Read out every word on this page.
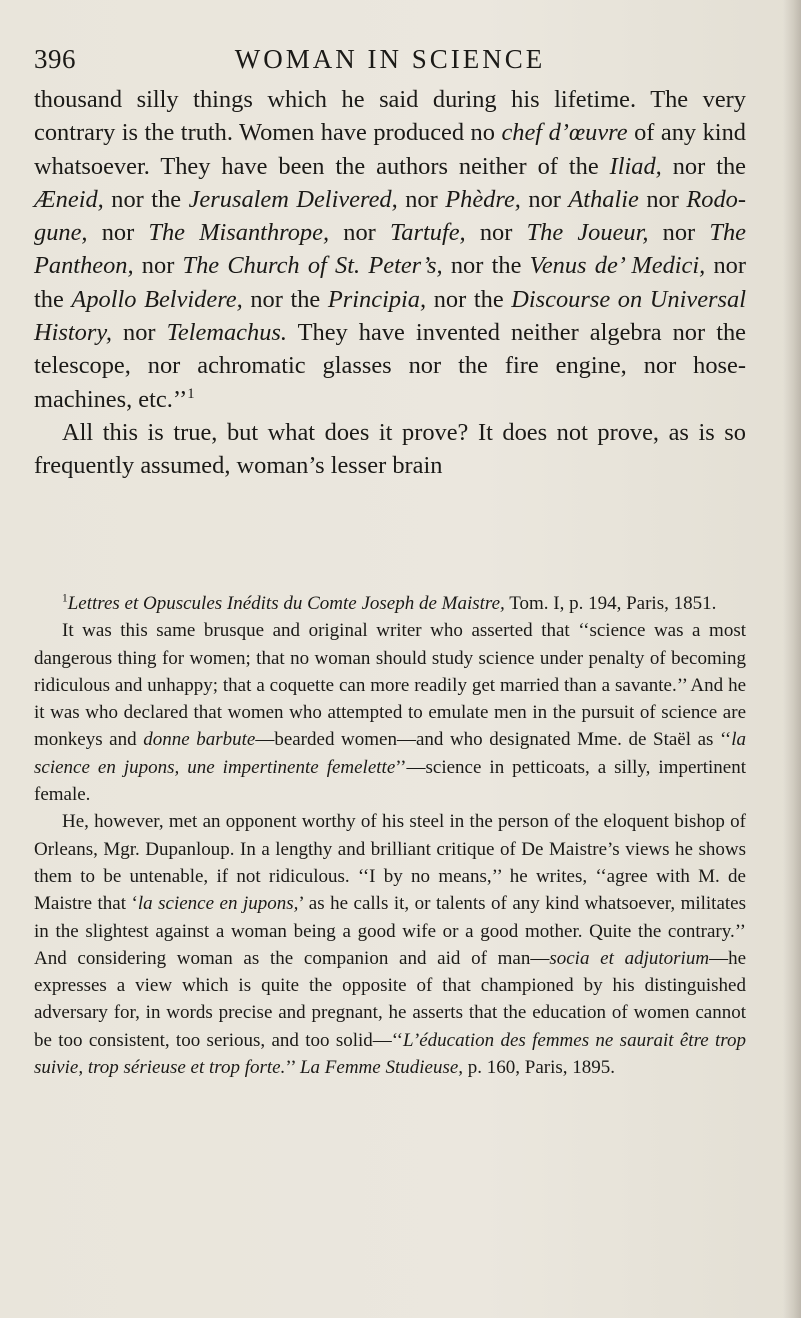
396	WOMAN IN SCIENCE

thousand silly things which he said during his lifetime. The very contrary is the truth. Women have produced no chef d’œuvre of any kind whatsoever. They have been the authors neither of the Iliad, nor the Æneid, nor the Jerusalem Delivered, nor Phèdre, nor Athalie nor Rodogune, nor The Misanthrope, nor Tartufe, nor The Joueur, nor The Pantheon, nor The Church of St. Peter’s, nor the Venus de’ Medici, nor the Apollo Belvidere, nor the Principia, nor the Discourse on Universal History, nor Telemachus. They have invented neither algebra nor the telescope, nor achromatic glasses nor the fire engine, nor hose-machines, etc.’’$^1$

All this is true, but what does it prove? It does not prove, as is so frequently assumed, woman’s lesser brain

$^1$Lettres et Opuscules Inédits du Comte Joseph de Maistre, Tom. I, p. 194, Paris, 1851.

It was this same brusque and original writer who asserted that ‘‘science was a most dangerous thing for women; that no woman should study science under penalty of becoming ridiculous and unhappy; that a coquette can more readily get married than a savante.’’ And he it was who declared that women who attempted to emulate men in the pursuit of science are monkeys and donne barbute—bearded women—and who designated Mme. de Staël as ‘‘la science en jupons, une impertinente femelette’’—science in petticoats, a silly, impertinent female.

He, however, met an opponent worthy of his steel in the person of the eloquent bishop of Orleans, Mgr. Dupanloup. In a lengthy and brilliant critique of De Maistre’s views he shows them to be untenable, if not ridiculous. ‘‘I by no means,’’ he writes, ‘‘agree with M. de Maistre that ‘la science en jupons,’ as he calls it, or talents of any kind whatsoever, militates in the slightest against a woman being a good wife or a good mother. Quite the contrary.’’ And considering woman as the companion and aid of man—socia et adjutorium—he expresses a view which is quite the opposite of that championed by his distinguished adversary for, in words precise and pregnant, he asserts that the education of women cannot be too consistent, too serious, and too solid—‘‘L’éducation des femmes ne saurait être trop suivie, trop sérieuse et trop forte.’’ La Femme Studieuse, p. 160, Paris, 1895.
